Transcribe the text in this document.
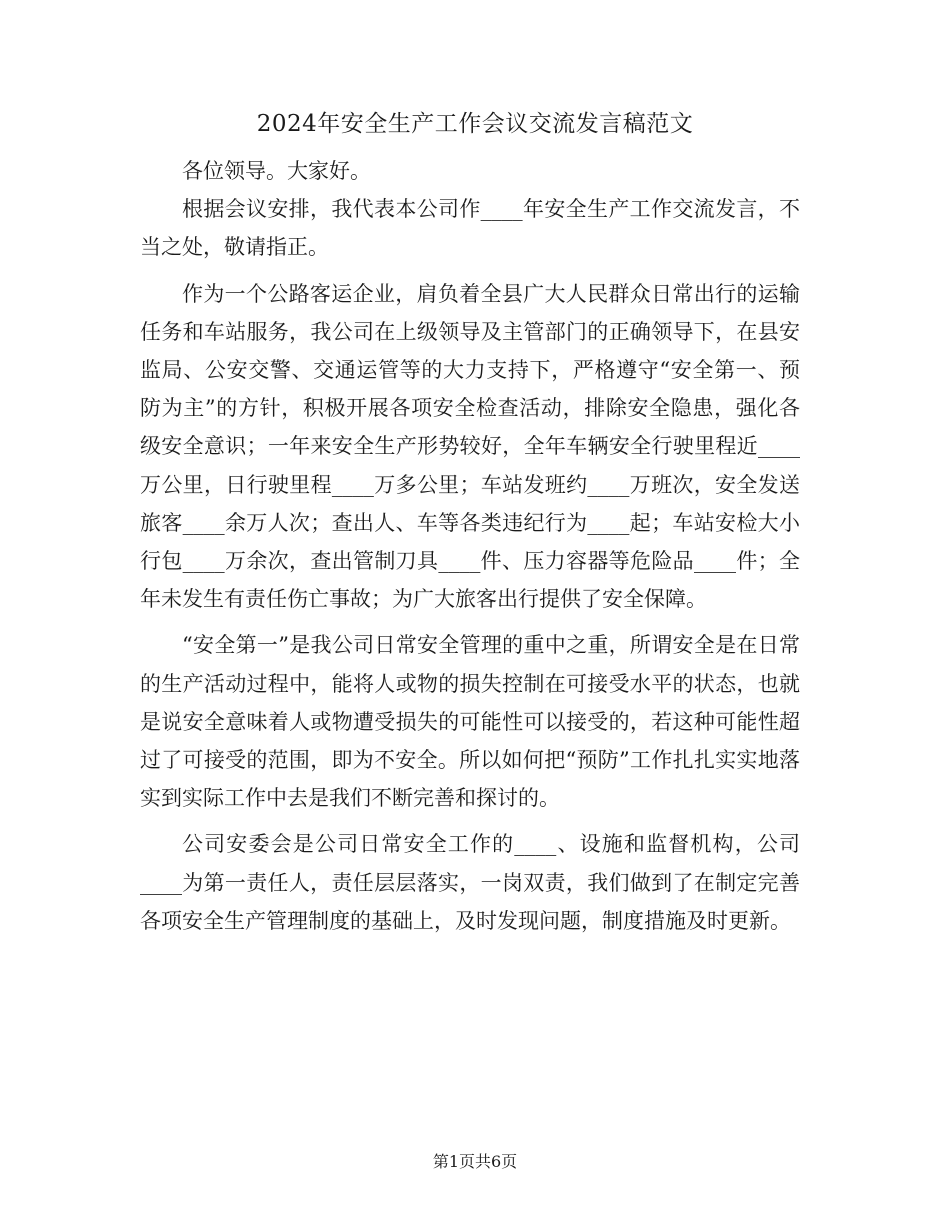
2024年安全生产工作会议交流发言稿范文

各位领导。大家好。

根据会议安排，我代表本公司作____年安全生产工作交流发言，不当之处，敬请指正。

作为一个公路客运企业，肩负着全县广大人民群众日常出行的运输任务和车站服务，我公司在上级领导及主管部门的正确领导下，在县安监局、公安交警、交通运管等的大力支持下，严格遵守“安全第一、预防为主”的方针，积极开展各项安全检查活动，排除安全隐患，强化各级安全意识；一年来安全生产形势较好，全年车辆安全行驶里程近____万公里，日行驶里程____万多公里；车站发班约____万班次，安全发送旅客____余万人次；查出人、车等各类违纪行为____起；车站安检大小行包____万余次，查出管制刀具____件、压力容器等危险品____件；全年未发生有责任伤亡事故；为广大旅客出行提供了安全保障。

“安全第一”是我公司日常安全管理的重中之重，所谓安全是在日常的生产活动过程中，能将人或物的损失控制在可接受水平的状态，也就是说安全意味着人或物遭受损失的可能性可以接受的，若这种可能性超过了可接受的范围，即为不安全。所以如何把“预防”工作扎扎实实地落实到实际工作中去是我们不断完善和探讨的。

公司安委会是公司日常安全工作的____、设施和监督机构，公司____为第一责任人，责任层层落实，一岗双责，我们做到了在制定完善各项安全生产管理制度的基础上，及时发现问题，制度措施及时更新。

第1页共6页
